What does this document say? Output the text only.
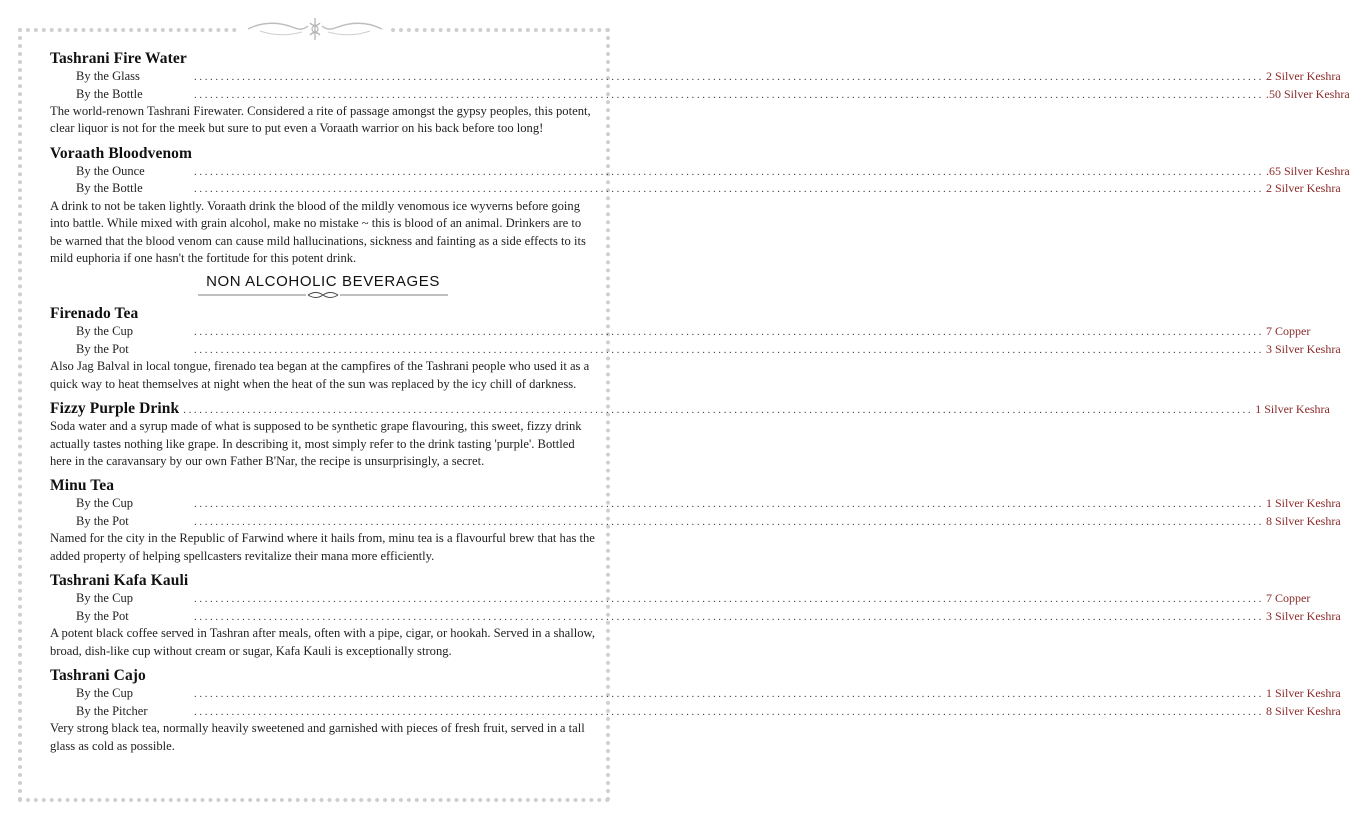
Tashrani Fire Water
By the Glass	........................................................................................................................................................................................................ 2 Silver Keshra
By the Bottle	........................................................................................................................................................................................................ .50 Silver Keshra

The world-renown Tashrani Firewater. Considered a rite of passage amongst the gypsy peoples, this potent, clear liquor is not for the meek but sure to put even a Voraath warrior on his back before too long!

Voraath Bloodvenom
By the Ounce	........................................................................................................................................................................................................ .65 Silver Keshra
By the Bottle	........................................................................................................................................................................................................ 2 Silver Keshra

A drink to not be taken lightly. Voraath drink the blood of the mildly venomous ice wyverns before going into battle. While mixed with grain alcohol, make no mistake ~ this is blood of an animal. Drinkers are to be warned that the blood venom can cause mild hallucinations, sickness and fainting as a side effects to its mild euphoria if one hasn't the fortitude for this potent drink.

NON ALCOHOLIC BEVERAGES
Firenado Tea
By the Cup	........................................................................................................................................................................................................ 7 Copper
By the Pot	........................................................................................................................................................................................................ 3 Silver Keshra

Also Jag Balval in local tongue, firenado tea began at the campfires of the Tashrani people who used it as a quick way to heat themselves at night when the heat of the sun was replaced by the icy chill of darkness.

Fizzy Purple Drink ........................................................................................................................................................................................................ 1 Silver Keshra

Soda water and a syrup made of what is supposed to be synthetic grape flavouring, this sweet, fizzy drink actually tastes nothing like grape. In describing it, most simply refer to the drink tasting 'purple'. Bottled here in the caravansary by our own Father B'Nar, the recipe is unsurprisingly, a secret.

Minu Tea
By the Cup	........................................................................................................................................................................................................ 1 Silver Keshra
By the Pot	........................................................................................................................................................................................................ 8 Silver Keshra

Named for the city in the Republic of Farwind where it hails from, minu tea is a flavourful brew that has the added property of helping spellcasters revitalize their mana more efficiently.

Tashrani Kafa Kauli
By the Cup	........................................................................................................................................................................................................ 7 Copper
By the Pot	........................................................................................................................................................................................................ 3 Silver Keshra

A potent black coffee served in Tashran after meals, often with a pipe, cigar, or hookah. Served in a shallow, broad, dish-like cup without cream or sugar, Kafa Kauli is exceptionally strong.

Tashrani Cajo
By the Cup	........................................................................................................................................................................................................ 1 Silver Keshra
By the Pitcher	........................................................................................................................................................................................................ 8 Silver Keshra

Very strong black tea, normally heavily sweetened and garnished with pieces of fresh fruit, served in a tall glass as cold as possible.
